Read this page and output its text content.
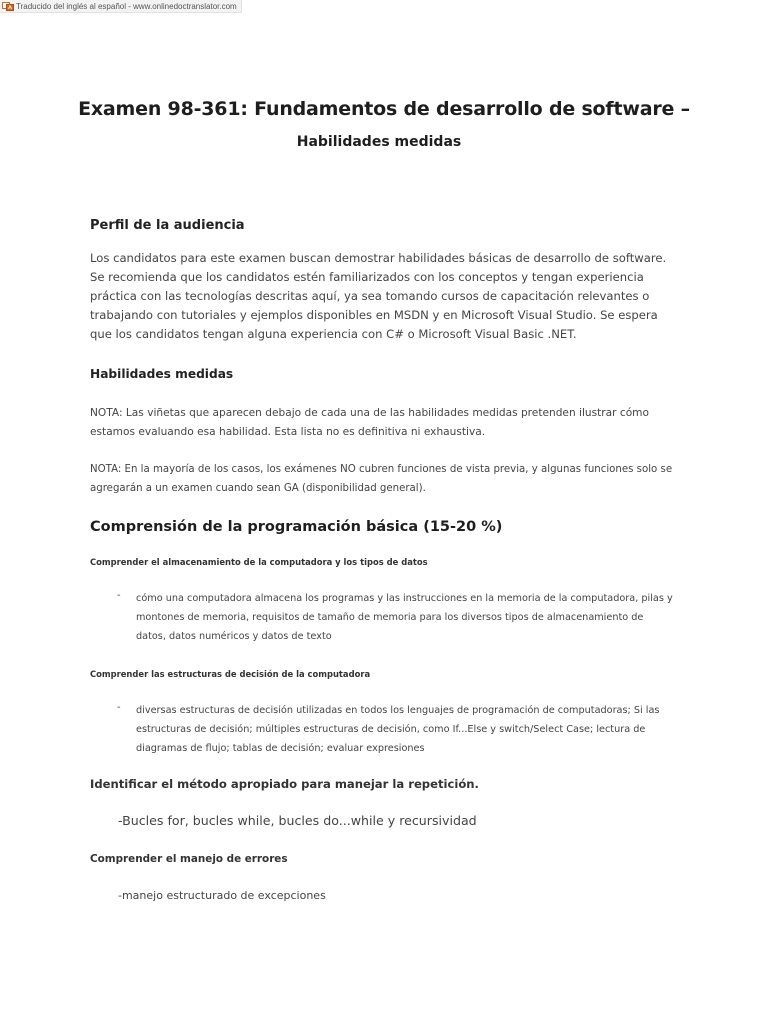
Traducido del inglés al español - www.onlinedoctranslator.com
Examen 98-361: Fundamentos de desarrollo de software –
Habilidades medidas
Perfil de la audiencia
Los candidatos para este examen buscan demostrar habilidades básicas de desarrollo de software. Se recomienda que los candidatos estén familiarizados con los conceptos y tengan experiencia práctica con las tecnologías descritas aquí, ya sea tomando cursos de capacitación relevantes o trabajando con tutoriales y ejemplos disponibles en MSDN y en Microsoft Visual Studio. Se espera que los candidatos tengan alguna experiencia con C# o Microsoft Visual Basic .NET.
Habilidades medidas
NOTA: Las viñetas que aparecen debajo de cada una de las habilidades medidas pretenden ilustrar cómo estamos evaluando esa habilidad. Esta lista no es definitiva ni exhaustiva.
NOTA: En la mayoría de los casos, los exámenes NO cubren funciones de vista previa, y algunas funciones solo se agregarán a un examen cuando sean GA (disponibilidad general).
Comprensión de la programación básica (15-20 %)
Comprender el almacenamiento de la computadora y los tipos de datos
- cómo una computadora almacena los programas y las instrucciones en la memoria de la computadora, pilas y montones de memoria, requisitos de tamaño de memoria para los diversos tipos de almacenamiento de datos, datos numéricos y datos de texto
Comprender las estructuras de decisión de la computadora
- diversas estructuras de decisión utilizadas en todos los lenguajes de programación de computadoras; Si las estructuras de decisión; múltiples estructuras de decisión, como If...Else y switch/Select Case; lectura de diagramas de flujo; tablas de decisión; evaluar expresiones
Identificar el método apropiado para manejar la repetición.
-Bucles for, bucles while, bucles do...while y recursividad
Comprender el manejo de errores
-manejo estructurado de excepciones
